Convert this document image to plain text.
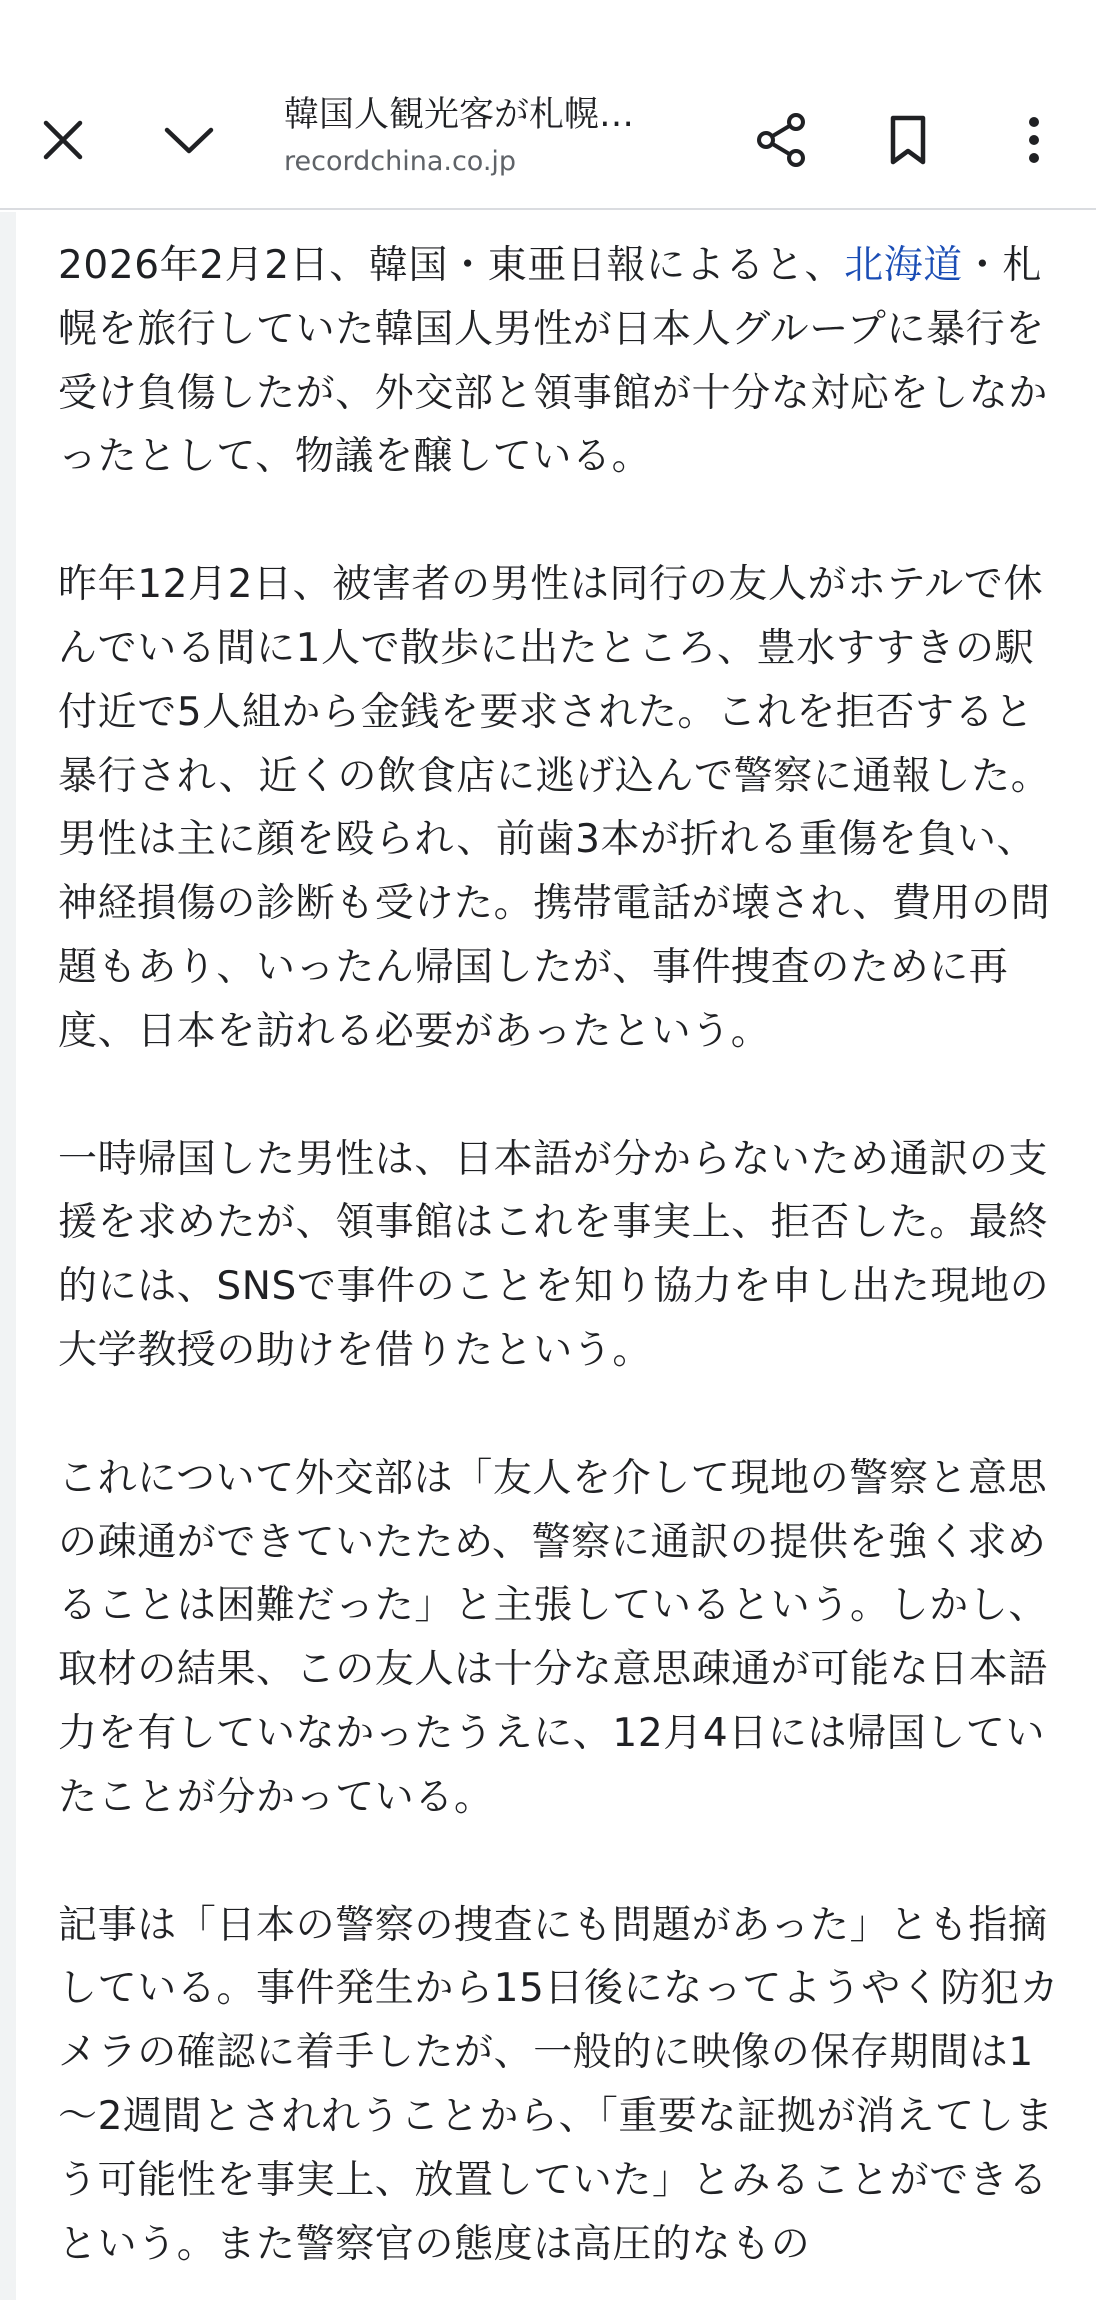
韓国人観光客が札幌…
recordchina.co.jp

2026年2月2日、韓国・東亜日報によると、北海道・札幌を旅行していた韓国人男性が日本人グループに暴行を受け負傷したが、外交部と領事館が十分な対応をしなかったとして、物議を醸している。

昨年12月2日、被害者の男性は同行の友人がホテルで休んでいる間に1人で散歩に出たところ、豊水すすきの駅付近で5人組から金銭を要求された。これを拒否すると暴行され、近くの飲食店に逃げ込んで警察に通報した。男性は主に顔を殴られ、前歯3本が折れる重傷を負い、神経損傷の診断も受けた。携帯電話が壊され、費用の問題もあり、いったん帰国したが、事件捜査のために再度、日本を訪れる必要があったという。

一時帰国した男性は、日本語が分からないため通訳の支援を求めたが、領事館はこれを事実上、拒否した。最終的には、SNSで事件のことを知り協力を申し出た現地の大学教授の助けを借りたという。

これについて外交部は「友人を介して現地の警察と意思の疎通ができていたため、警察に通訳の提供を強く求めることは困難だった」と主張しているという。しかし、取材の結果、この友人は十分な意思疎通が可能な日本語力を有していなかったうえに、12月4日には帰国していたことが分かっている。

記事は「日本の警察の捜査にも問題があった」とも指摘している。事件発生から15日後になってようやく防犯カメラの確認に着手したが、一般的に映像の保存期間は1～2週間とされれうことから、「重要な証拠が消えてしまう可能性を事実上、放置していた」とみることができるという。また警察官の態度は高圧的なもの
